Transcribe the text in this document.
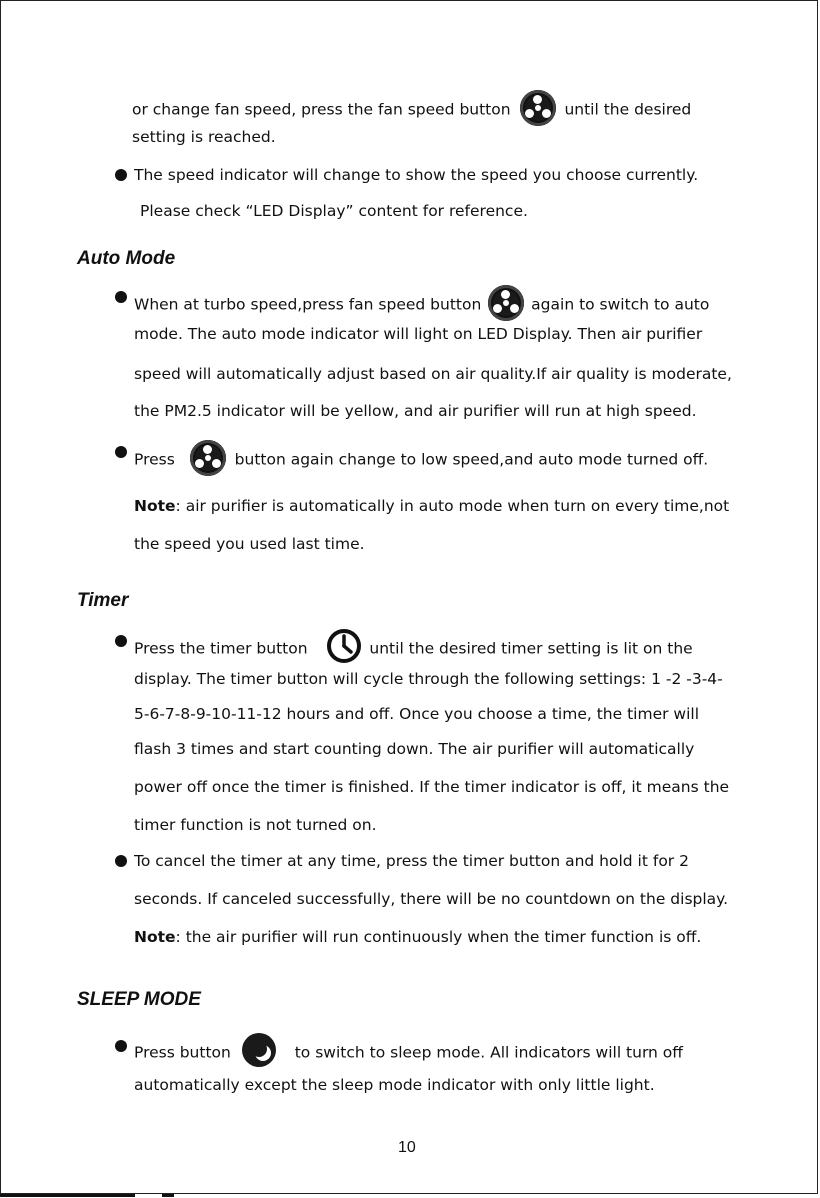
or change fan speed, press the fan speed button	until the desired
setting is reached.
The speed indicator will change to show the speed you choose currently.
Please check “LED Display” content for reference.
Auto Mode
When at turbo speed,press fan speed button	again to switch to auto
mode. The auto mode indicator will light on LED Display. Then air purifier
speed will automatically adjust based on air quality.If air quality is moderate,
the PM2.5 indicator will be yellow, and air purifier will run at high speed.
Press	button again change to low speed,and auto mode turned off.
Note: air purifier is automatically in auto mode when turn on every time,not
the speed you used last time.
Timer
Press the timer button	until the desired timer setting is lit on the
display. The timer button will cycle through the following settings: 1 -2 -3-4-
5-6-7-8-9-10-11-12 hours and off. Once you choose a time, the timer will
flash 3 times and start counting down. The air purifier will automatically
power off once the timer is finished. If the timer indicator is off, it means the
timer function is not turned on.
To cancel the timer at any time, press the timer button and hold it for 2
seconds. If canceled successfully, there will be no countdown on the display.
Note: the air purifier will run continuously when the timer function is off.
SLEEP MODE
Press button	to switch to sleep mode. All indicators will turn off
automatically except the sleep mode indicator with only little light.
10
